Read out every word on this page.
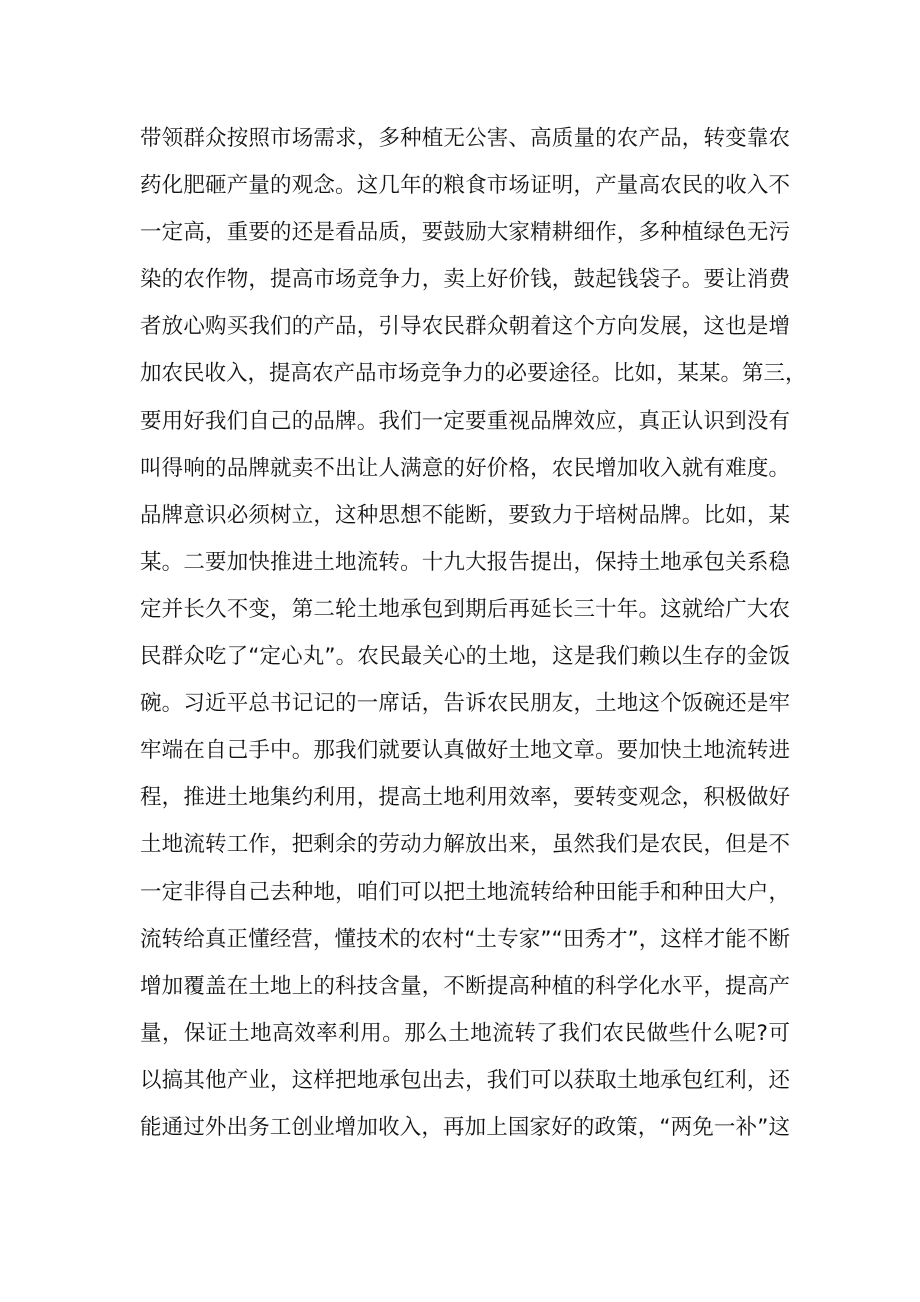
带领群众按照市场需求，多种植无公害、高质量的农产品，转变靠农
药化肥砸产量的观念。这几年的粮食市场证明，产量高农民的收入不
一定高，重要的还是看品质，要鼓励大家精耕细作，多种植绿色无污
染的农作物，提高市场竞争力，卖上好价钱，鼓起钱袋子。要让消费
者放心购买我们的产品，引导农民群众朝着这个方向发展，这也是增
加农民收入，提高农产品市场竞争力的必要途径。比如，某某。第三，
要用好我们自己的品牌。我们一定要重视品牌效应，真正认识到没有
叫得响的品牌就卖不出让人满意的好价格，农民增加收入就有难度。
品牌意识必须树立，这种思想不能断，要致力于培树品牌。比如，某
某。二要加快推进土地流转。十九大报告提出，保持土地承包关系稳
定并长久不变，第二轮土地承包到期后再延长三十年。这就给广大农
民群众吃了“定心丸”。农民最关心的土地，这是我们赖以生存的金饭
碗。习近平总书记记的一席话，告诉农民朋友，土地这个饭碗还是牢
牢端在自己手中。那我们就要认真做好土地文章。要加快土地流转进
程，推进土地集约利用，提高土地利用效率，要转变观念，积极做好
土地流转工作，把剩余的劳动力解放出来，虽然我们是农民，但是不
一定非得自己去种地，咱们可以把土地流转给种田能手和种田大户，
流转给真正懂经营，懂技术的农村“土专家”“田秀才”，这样才能不断
增加覆盖在土地上的科技含量，不断提高种植的科学化水平，提高产
量，保证土地高效率利用。那么土地流转了我们农民做些什么呢?可
以搞其他产业，这样把地承包出去，我们可以获取土地承包红利，还
能通过外出务工创业增加收入，再加上国家好的政策，“两免一补”这
